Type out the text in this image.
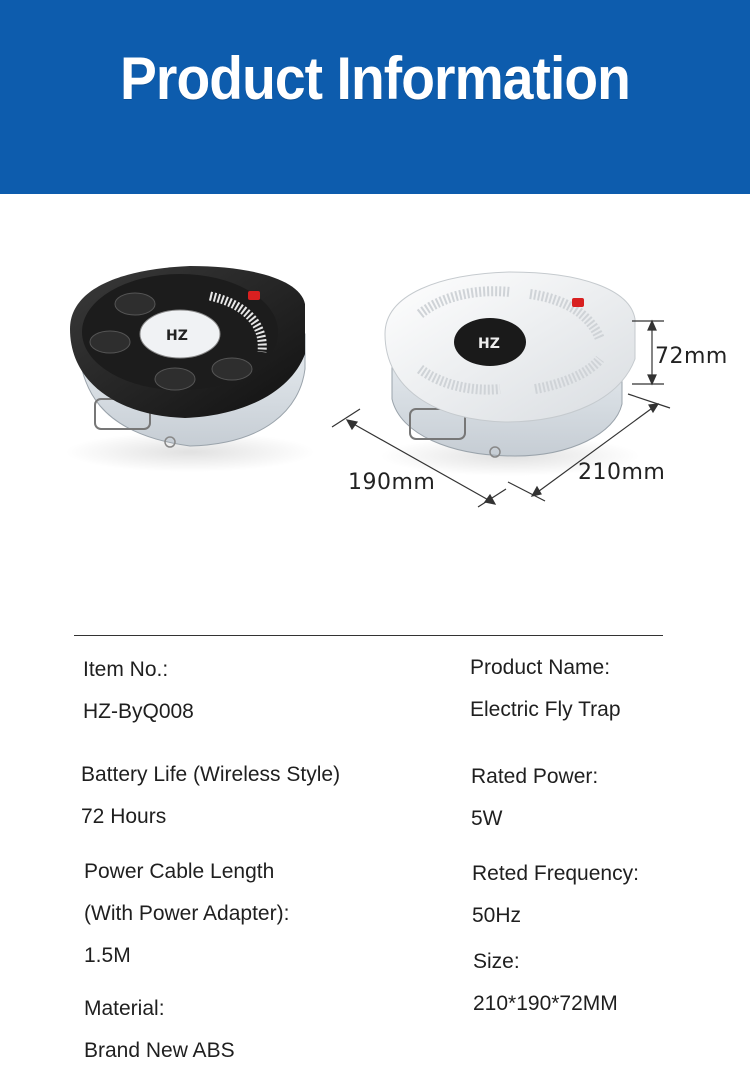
Product Information
HZ	HZ	72mm
190mm	210mm
Item No.:
HZ-ByQ008
Battery Life (Wireless Style)
72 Hours
Power Cable Length
(With Power Adapter):
1.5M
Material:
Brand New ABS
Product Name:
Electric Fly Trap
Rated Power:
5W
Reted Frequency:
50Hz
Size:
210*190*72MM
